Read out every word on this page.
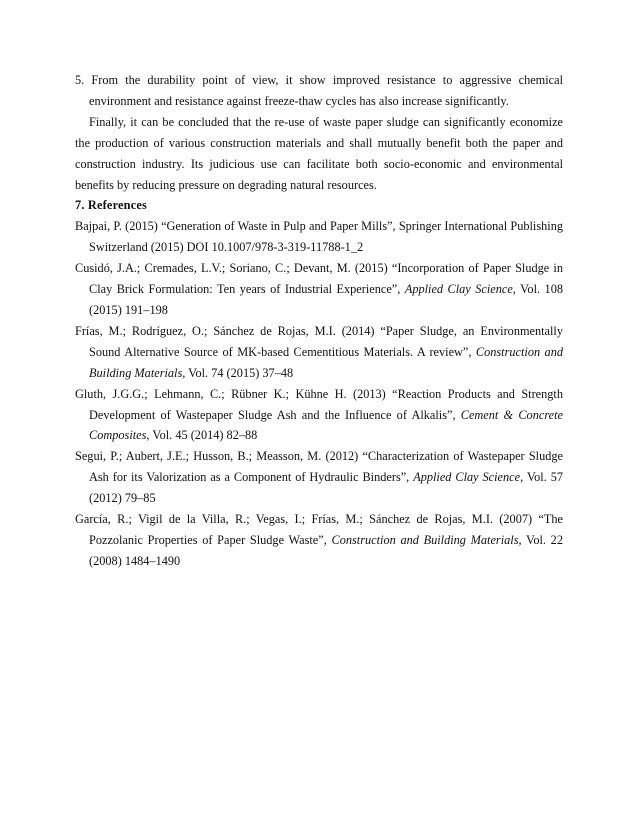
5. From the durability point of view, it show improved resistance to aggressive chemical environment and resistance against freeze-thaw cycles has also increase significantly.

Finally, it can be concluded that the re-use of waste paper sludge can significantly economize the production of various construction materials and shall mutually benefit both the paper and construction industry. Its judicious use can facilitate both socio-economic and environmental benefits by reducing pressure on degrading natural resources.

7. References

Bajpai, P. (2015) “Generation of Waste in Pulp and Paper Mills”, Springer International Publishing Switzerland (2015) DOI 10.1007/978-3-319-11788-1_2

Cusidó, J.A.; Cremades, L.V.; Soriano, C.; Devant, M. (2015) “Incorporation of Paper Sludge in Clay Brick Formulation: Ten years of Industrial Experience”, Applied Clay Science, Vol. 108 (2015) 191–198

Frías, M.; Rodríguez, O.; Sánchez de Rojas, M.I. (2014) “Paper Sludge, an Environmentally Sound Alternative Source of MK-based Cementitious Materials. A review”, Construction and Building Materials, Vol. 74 (2015) 37–48

Gluth, J.G.G.; Lehmann, C.; Rübner K.; Kühne H. (2013) “Reaction Products and Strength Development of Wastepaper Sludge Ash and the Influence of Alkalis”, Cement & Concrete Composites, Vol. 45 (2014) 82–88

Segui, P.; Aubert, J.E.; Husson, B.; Measson, M. (2012) “Characterization of Wastepaper Sludge Ash for its Valorization as a Component of Hydraulic Binders”, Applied Clay Science, Vol. 57 (2012) 79–85

García, R.; Vigil de la Villa, R.; Vegas, I.; Frías, M.; Sánchez de Rojas, M.I. (2007) “The Pozzolanic Properties of Paper Sludge Waste”, Construction and Building Materials, Vol. 22 (2008) 1484–1490
